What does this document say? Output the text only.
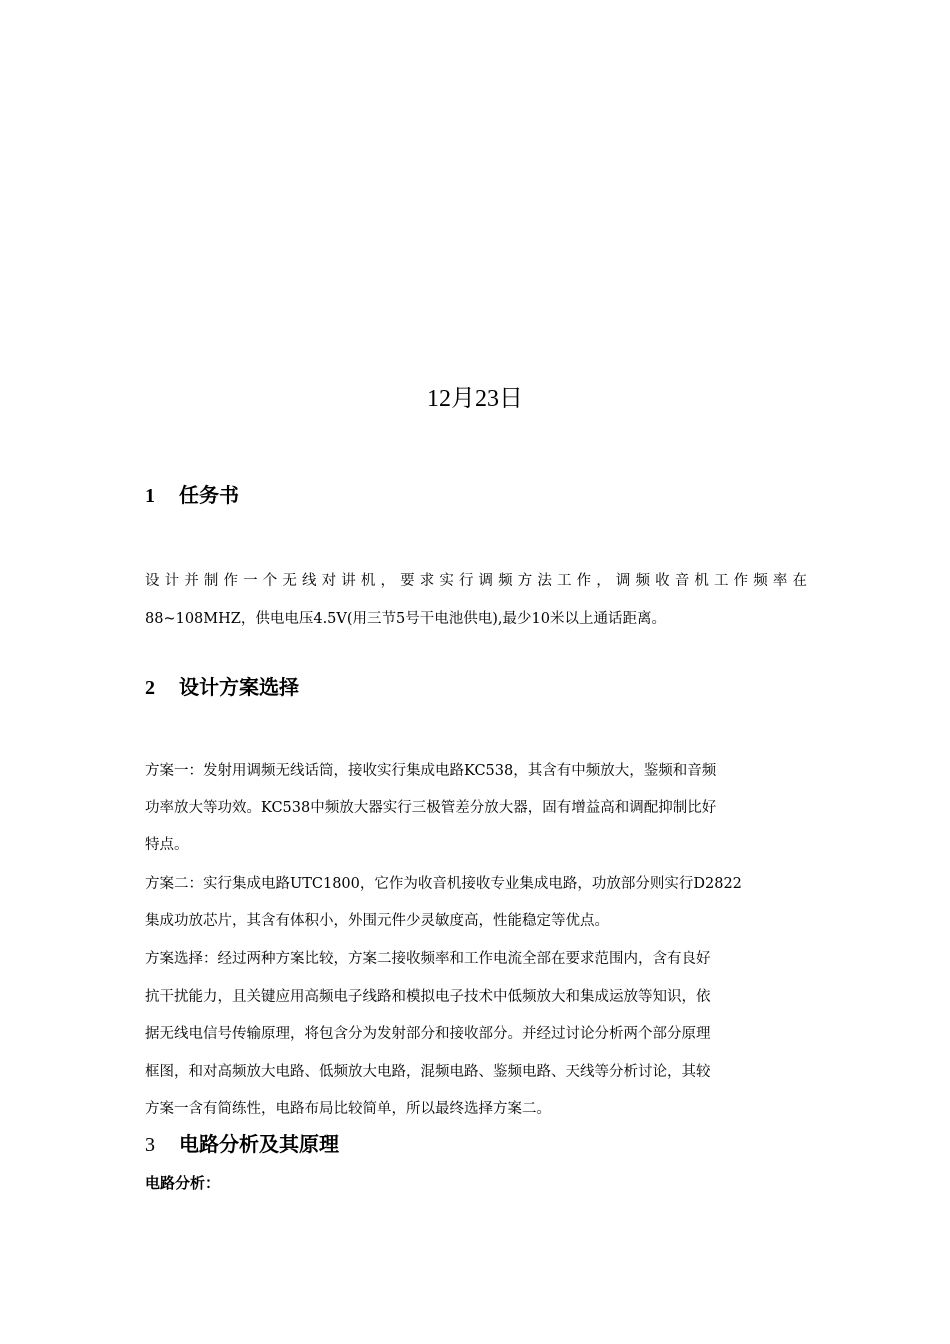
12月23日
1 任务书
设计并制作一个无线对讲机，要求实行调频方法工作，调频收音机工作频率在
88~108MHZ，供电电压4.5V(用三节5号干电池供电),最少10米以上通话距离。
2 设计方案选择
方案一：发射用调频无线话筒，接收实行集成电路KC538，其含有中频放大，鉴频和音频
功率放大等功效。KC538中频放大器实行三极管差分放大器，固有增益高和调配抑制比好
特点。
方案二：实行集成电路UTC1800，它作为收音机接收专业集成电路，功放部分则实行D2822
集成功放芯片，其含有体积小，外围元件少灵敏度高，性能稳定等优点。
方案选择：经过两种方案比较，方案二接收频率和工作电流全部在要求范围内，含有良好
抗干扰能力，且关键应用高频电子线路和模拟电子技术中低频放大和集成运放等知识，依
据无线电信号传输原理，将包含分为发射部分和接收部分。并经过讨论分析两个部分原理
框图，和对高频放大电路、低频放大电路，混频电路、鉴频电路、天线等分析讨论，其较
方案一含有简练性，电路布局比较简单，所以最终选择方案二。
3 电路分析及其原理
电路分析：
